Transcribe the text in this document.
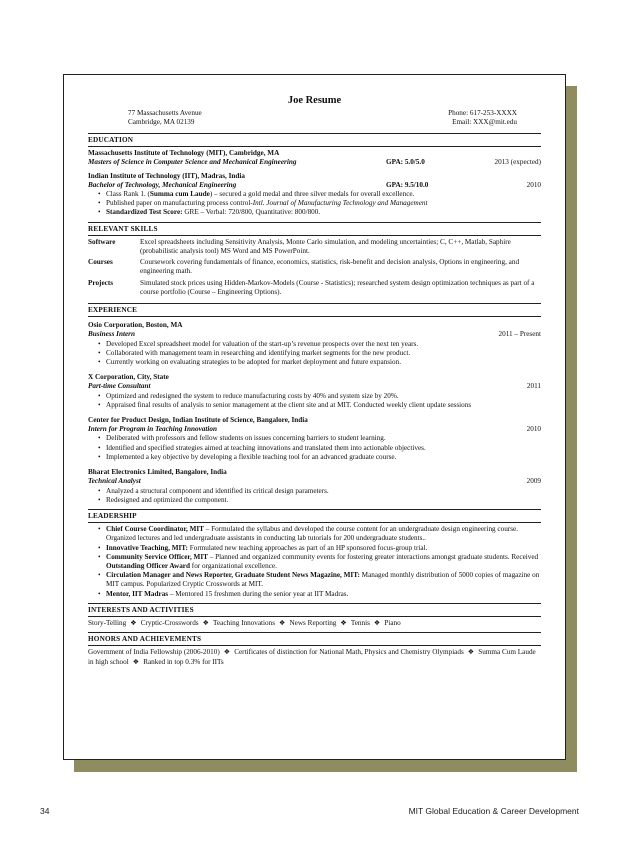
Joe Resume
77 Massachusetts Avenue
Cambridge, MA 02139
Phone: 617-253-XXXX
Email: XXX@mit.edu
EDUCATION
Massachusetts Institute of Technology (MIT), Cambridge, MA
Masters of Science in Computer Science and Mechanical Engineering	GPA: 5.0/5.0	2013 (expected)
Indian Institute of Technology (IIT), Madras, India
Bachelor of Technology, Mechanical Engineering	GPA: 9.5/10.0	2010
• Class Rank 1. (Summa cum Laude) – secured a gold medal and three silver medals for overall excellence.
• Published paper on manufacturing process control-Intl. Journal of Manufacturing Technology and Management
• Standardized Test Score: GRE – Verbal: 720/800, Quantitative: 800/800.
RELEVANT SKILLS
Software	Excel spreadsheets including Sensitivity Analysis, Monte Carlo simulation, and modeling uncertainties; C, C++, Matlab, Saphire (probabilistic analysis tool) MS Word and MS PowerPoint.
Courses	Coursework covering fundamentals of finance, economics, statistics, risk-benefit and decision analysis, Options in engineering, and engineering math.
Projects	Simulated stock prices using Hidden-Markov-Models (Course - Statistics); researched system design optimization techniques as part of a course portfolio (Course – Engineering Options).
EXPERIENCE
Osio Corporation, Boston, MA
Business Intern	2011 – Present
• Developed Excel spreadsheet model for valuation of the start-up’s revenue prospects over the next ten years.
• Collaborated with management team in researching and identifying market segments for the new product.
• Currently working on evaluating strategies to be adopted for market deployment and future expansion.
X Corporation, City, State
Part-time Consultant	2011
• Optimized and redesigned the system to reduce manufacturing costs by 40% and system size by 20%.
• Appraised final results of analysis to senior management at the client site and at MIT. Conducted weekly client update sessions
Center for Product Design, Indian Institute of Science, Bangalore, India
Intern for Program in Teaching Innovation	2010
• Deliberated with professors and fellow students on issues concerning barriers to student learning.
• Identified and specified strategies aimed at teaching innovations and translated them into actionable objectives.
• Implemented a key objective by developing a flexible teaching tool for an advanced graduate course.
Bharat Electronics Limited, Bangalore, India
Technical Analyst	2009
• Analyzed a structural component and identified its critical design parameters.
• Redesigned and optimized the component.
LEADERSHIP
• Chief Course Coordinator, MIT – Formulated the syllabus and developed the course content for an undergraduate design engineering course. Organized lectures and led undergraduate assistants in conducting lab tutorials for 200 undergraduate students..
• Innovative Teaching, MIT: Formulated new teaching approaches as part of an HP sponsored focus-group trial.
• Community Service Officer, MIT – Planned and organized community events for fostering greater interactions amongst graduate students. Received Outstanding Officer Award for organizational excellence.
• Circulation Manager and News Reporter, Graduate Student News Magazine, MIT: Managed monthly distribution of 5000 copies of magazine on MIT campus. Popularized Cryptic Crosswords at MIT.
• Mentor, IIT Madras – Mentored 15 freshmen during the senior year at IIT Madras.
INTERESTS AND ACTIVITIES
Story-Telling ❖ Cryptic-Crosswords ❖ Teaching Innovations ❖ News Reporting ❖ Tennis ❖ Piano
HONORS AND ACHIEVEMENTS
Government of India Fellowship (2006-2010) ❖ Certificates of distinction for National Math, Physics and Chemistry Olympiads ❖ Summa Cum Laude in high school ❖ Ranked in top 0.3% for IITs
34	MIT Global Education & Career Development
